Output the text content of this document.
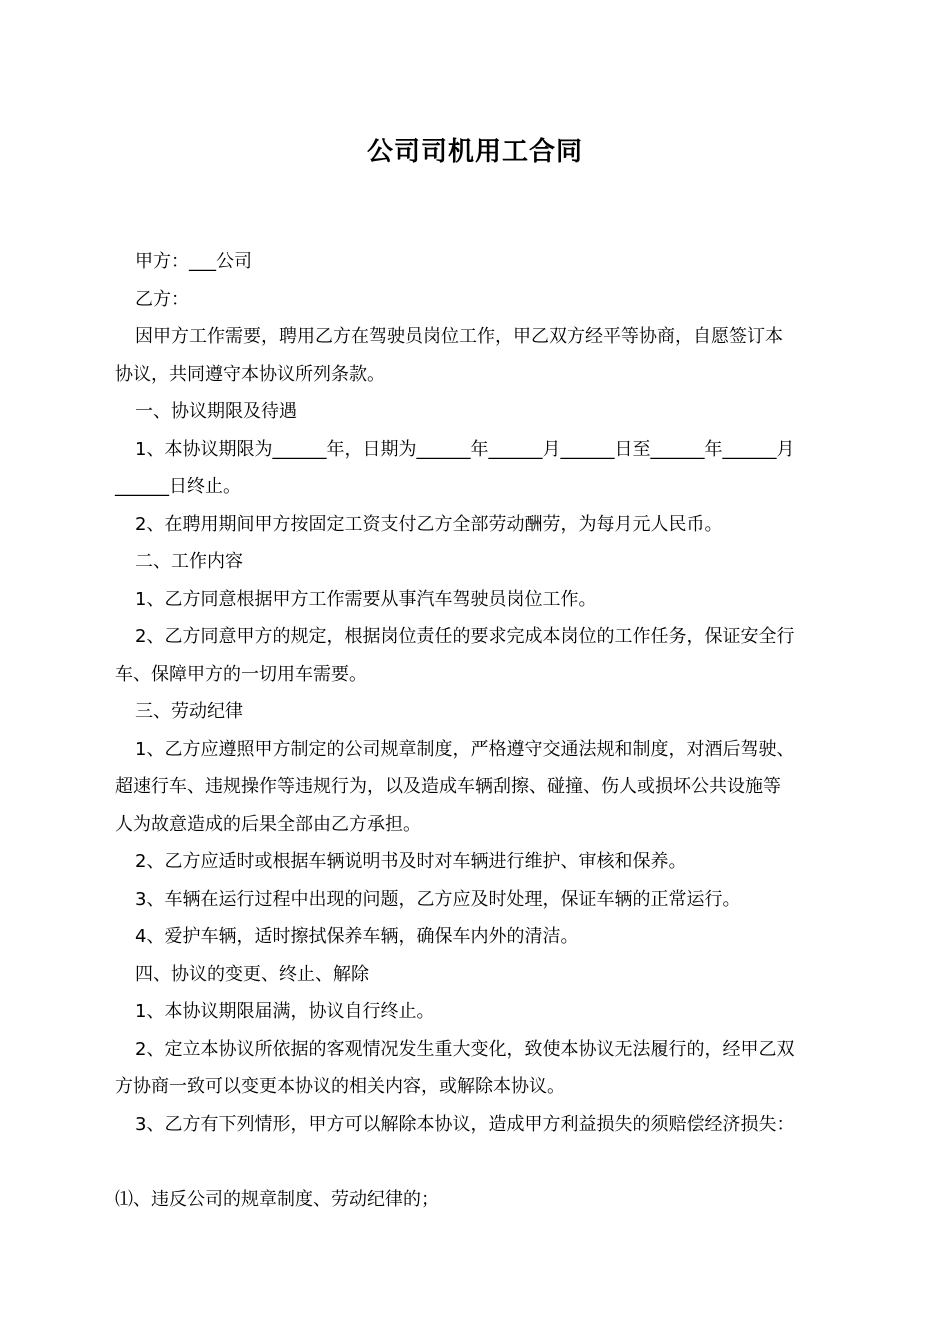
公司司机用工合同
甲方：___公司
乙方：
因甲方工作需要，聘用乙方在驾驶员岗位工作，甲乙双方经平等协商，自愿签订本
协议，共同遵守本协议所列条款。
一、协议期限及待遇
1、本协议期限为______年，日期为______年______月______日至______年______月
______日终止。
2、在聘用期间甲方按固定工资支付乙方全部劳动酬劳，为每月元人民币。
二、工作内容
1、乙方同意根据甲方工作需要从事汽车驾驶员岗位工作。
2、乙方同意甲方的规定，根据岗位责任的要求完成本岗位的工作任务，保证安全行
车、保障甲方的一切用车需要。
三、劳动纪律
1、乙方应遵照甲方制定的公司规章制度，严格遵守交通法规和制度，对酒后驾驶、
超速行车、违规操作等违规行为，以及造成车辆刮擦、碰撞、伤人或损坏公共设施等
人为故意造成的后果全部由乙方承担。
2、乙方应适时或根据车辆说明书及时对车辆进行维护、审核和保养。
3、车辆在运行过程中出现的问题，乙方应及时处理，保证车辆的正常运行。
4、爱护车辆，适时擦拭保养车辆，确保车内外的清洁。
四、协议的变更、终止、解除
1、本协议期限届满，协议自行终止。
2、定立本协议所依据的客观情况发生重大变化，致使本协议无法履行的，经甲乙双
方协商一致可以变更本协议的相关内容，或解除本协议。
3、乙方有下列情形，甲方可以解除本协议，造成甲方利益损失的须赔偿经济损失：
⑴、违反公司的规章制度、劳动纪律的；
